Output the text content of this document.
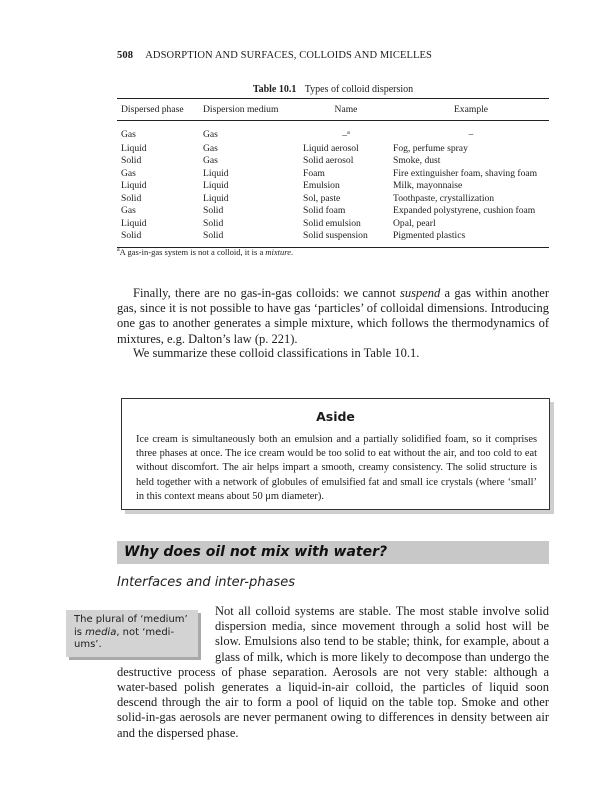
508 ADSORPTION AND SURFACES, COLLOIDS AND MICELLES
Table 10.1 Types of colloid dispersion
Dispersed phase	Dispersion medium	Name	Example
Gas	Gas	–$^a$	–
Liquid	Gas	Liquid aerosol	Fog, perfume spray
Solid	Gas	Solid aerosol	Smoke, dust
Gas	Liquid	Foam	Fire extinguisher foam, shaving foam
Liquid	Liquid	Emulsion	Milk, mayonnaise
Solid	Liquid	Sol, paste	Toothpaste, crystallization
Gas	Solid	Solid foam	Expanded polystyrene, cushion foam
Liquid	Solid	Solid emulsion	Opal, pearl
Solid	Solid	Solid suspension	Pigmented plastics
$^a$A gas-in-gas system is not a colloid, it is a mixture.
Finally, there are no gas-in-gas colloids: we cannot suspend a gas within another gas, since it is not possible to have gas ‘particles’ of colloidal dimensions. Introducing one gas to another generates a simple mixture, which follows the thermodynamics of mixtures, e.g. Dalton’s law (p. 221).
We summarize these colloid classifications in Table 10.1.
Aside
Ice cream is simultaneously both an emulsion and a partially solidified foam, so it comprises three phases at once. The ice cream would be too solid to eat without the air, and too cold to eat without discomfort. The air helps impart a smooth, creamy consistency. The solid structure is held together with a network of globules of emulsified fat and small ice crystals (where ‘small’ in this context means about 50 μm diameter).
Why does oil not mix with water?
Interfaces and inter-phases
The plural of ‘medium’ is media, not ‘medi-ums’.
Not all colloid systems are stable. The most stable involve solid dispersion media, since movement through a solid host will be slow. Emulsions also tend to be stable; think, for example, about a glass of milk, which is more likely to decompose than undergo the destructive process of phase separation. Aerosols are not very stable: although a water-based polish generates a liquid-in-air colloid, the particles of liquid soon descend through the air to form a pool of liquid on the table top. Smoke and other solid-in-gas aerosols are never permanent owing to differences in density between air and the dispersed phase.
